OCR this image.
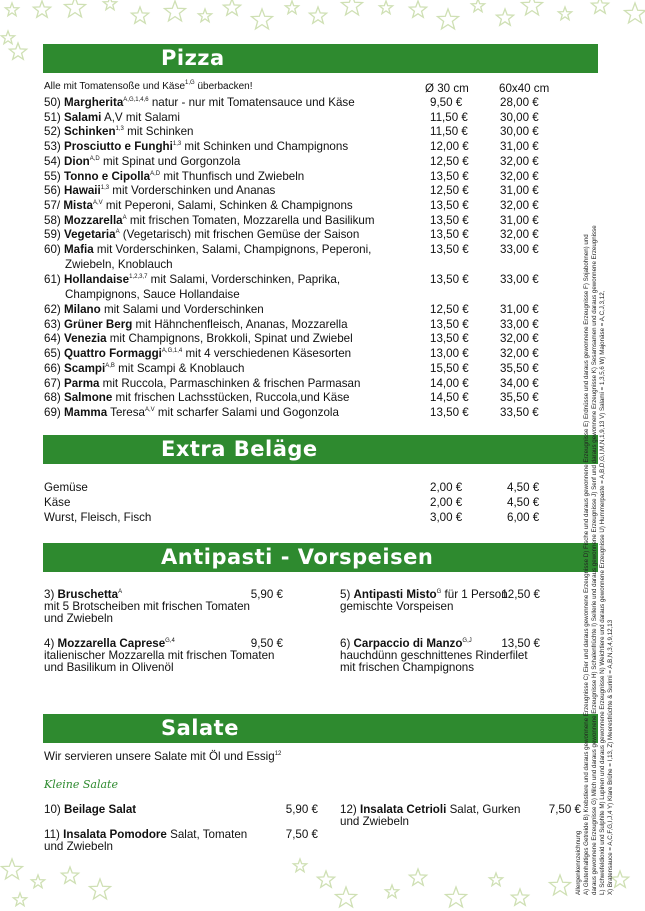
Pizza
Alle mit Tomatensoße und Käse$^{1,G}$ überbacken!	Ø 30 cm	60x40 cm
50) Margherita$^{A,G,1,4,6}$ natur - nur mit Tomatensauce und Käse	9,50 €	28,00 €
51) Salami A,V mit Salami	11,50 €	30,00 €
52) Schinken$^{1,3}$ mit Schinken	11,50 €	30,00 €
53) Prosciutto e Funghi$^{1,3}$ mit Schinken und Champignons	12,00 €	31,00 €
54) Dion$^{A,D}$ mit Spinat und Gorgonzola	12,50 €	32,00 €
55) Tonno e Cipolla$^{A,D}$ mit Thunfisch und Zwiebeln	13,50 €	32,00 €
56) Hawaii$^{1,3}$ mit Vorderschinken und Ananas	12,50 €	31,00 €
57/ Mista$^{A,V}$ mit Peperoni, Salami, Schinken & Champignons	13,50 €	32,00 €
58) Mozzarella$^A$ mit frischen Tomaten, Mozzarella und Basilikum	13,50 €	31,00 €
59) Vegetaria$^A$ (Vegetarisch) mit frischen Gemüse der Saison	13,50 €	32,00 €
60) Mafia mit Vorderschinken, Salami, Champignons, Peperoni,	13,50 €	33,00 €
Zwiebeln, Knoblauch
61) Hollandaise$^{1,2,3,7}$ mit Salami, Vorderschinken, Paprika,	13,50 €	33,00 €
Champignons, Sauce Hollandaise
62) Milano mit Salami und Vorderschinken	12,50 €	31,00 €
63) Grüner Berg mit Hähnchenfleisch, Ananas, Mozzarella	13,50 €	33,00 €
64) Venezia mit Champignons, Brokkoli, Spinat und Zwiebel	13,50 €	32,00 €
65) Quattro Formaggi$^{A,G,1,4}$ mit 4 verschiedenen Käsesorten	13,00 €	32,00 €
66) Scampi$^{A,B}$ mit Scampi & Knoblauch	15,50 €	35,50 €
67) Parma mit Ruccola, Parmaschinken & frischen Parmasan	14,00 €	34,00 €
68) Salmone mit frischen Lachsstücken, Ruccola,und Käse	14,50 €	35,50 €
69) Mamma Teresa$^{A,V}$ mit scharfer Salami und Gogonzola	13,50 €	33,50 €
Extra Beläge
Gemüse	2,00 €	4,50 €
Käse	2,00 €	4,50 €
Wurst, Fleisch, Fisch	3,00 €	6,00 €
Antipasti - Vorspeisen
3) Bruschetta$^A$
mit 5 Brotscheiben mit frischen Tomaten
und Zwiebeln
5,90 €
4) Mozzarella Caprese$^{G,4}$
italienischer Mozzarella mit frischen Tomaten
und Basilikum in Olivenöl
9,50 €
5) Antipasti Misto$^G$ für 1 Person
gemischte Vorspeisen
12,50 €
6) Carpaccio di Manzo$^{G,J}$
hauchdünn geschnittenes Rinderfilet
mit frischen Champignons
13,50 €
Salate
Wir servieren unsere Salate mit Öl und Essig$^{12}$
Kleine Salate
10) Beilage Salat	5,90 €
11) Insalata Pomodore Salat, Tomaten
und Zwiebeln
7,50 €
12) Insalata Cetrioli Salat, Gurken
und Zwiebeln
7,50 €
Allergenkennzeichnung A) Glutenhaltiges Getreide B) Krebstiere und daraus gewonnene Erzeugnisse C) Eier und daraus gewonnene Erzeugnisse D) Fische und daraus gewonnene Erzeugnisse E) Erdnüsse und daraus gewonnene Erzeugnisse F) Sojabohnen) und daraus gewonnene Erzeugnisse G) Milch und daraus gewonnene Erzeugnisse H) Schalenfrüchte I) Sellerie und daraus gewonnene Erzeugnisse J) Senf und daraus gewonnene Erzeugnisse K) Sesamsamen und daraus gewonnene Erzeugnisse L) Schwefeldioxid und Sulphite M) Lupinen und daraus gewonnene Erzeugnisse N) Weichtiere und daraus gewonnene Erzeugnisse U) Hummerpaste = A,B,D,G,I,M,N,1,9,13 V) Salami = 1,3,5,6 W) Majonäse = A,C,J,3,12, X) Bratensauce = A,C,F,G,I,J,4 Y) Klare Brühe = I,13, Z) Meeresfrüchte & Surimi = A,B,N,3,4,9,12,13
